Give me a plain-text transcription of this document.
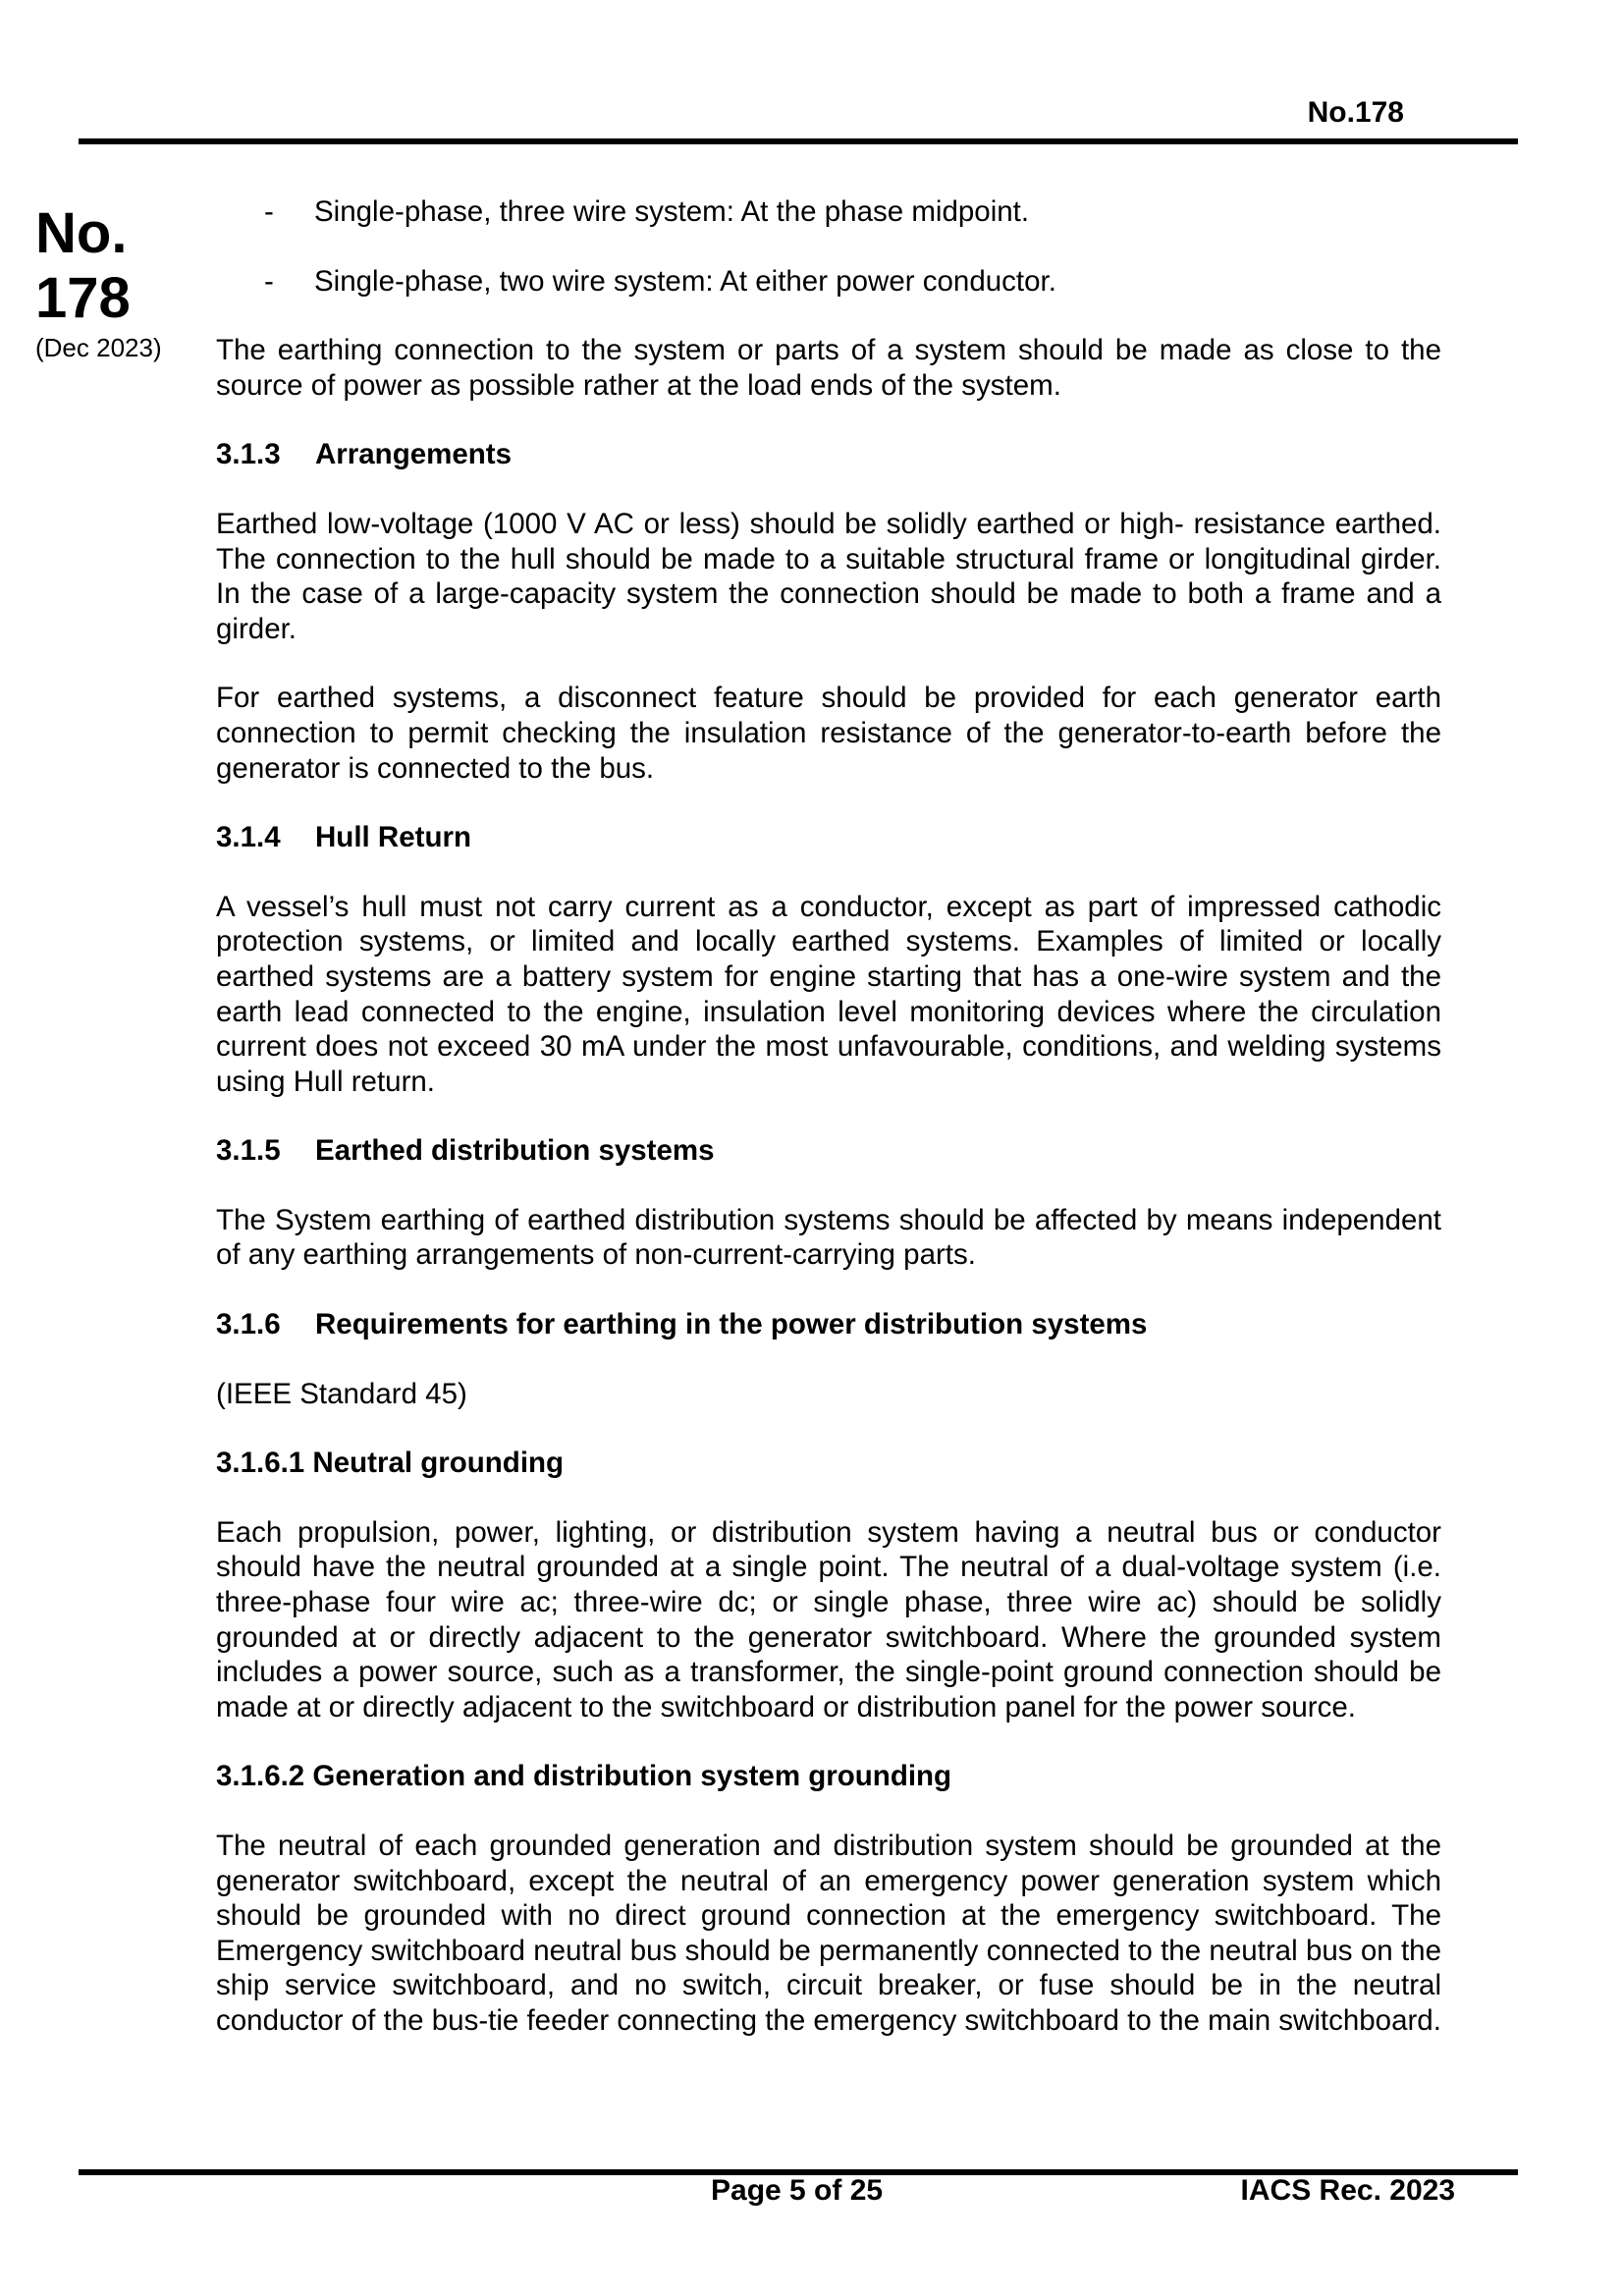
No.178
No.
178
(Dec 2023)
- Single-phase, three wire system: At the phase midpoint.
- Single-phase, two wire system: At either power conductor.

The earthing connection to the system or parts of a system should be made as close to the source of power as possible rather at the load ends of the system.

3.1.3 Arrangements

Earthed low-voltage (1000 V AC or less) should be solidly earthed or high- resistance earthed. The connection to the hull should be made to a suitable structural frame or longitudinal girder. In the case of a large-capacity system the connection should be made to both a frame and a girder.

For earthed systems, a disconnect feature should be provided for each generator earth connection to permit checking the insulation resistance of the generator-to-earth before the generator is connected to the bus.

3.1.4 Hull Return

A vessel’s hull must not carry current as a conductor, except as part of impressed cathodic protection systems, or limited and locally earthed systems. Examples of limited or locally earthed systems are a battery system for engine starting that has a one-wire system and the earth lead connected to the engine, insulation level monitoring devices where the circulation current does not exceed 30 mA under the most unfavourable, conditions, and welding systems using Hull return.

3.1.5 Earthed distribution systems

The System earthing of earthed distribution systems should be affected by means independent of any earthing arrangements of non-current-carrying parts.

3.1.6 Requirements for earthing in the power distribution systems

(IEEE Standard 45)

3.1.6.1 Neutral grounding

Each propulsion, power, lighting, or distribution system having a neutral bus or conductor should have the neutral grounded at a single point. The neutral of a dual-voltage system (i.e. three-phase four wire ac; three-wire dc; or single phase, three wire ac) should be solidly grounded at or directly adjacent to the generator switchboard. Where the grounded system includes a power source, such as a transformer, the single-point ground connection should be made at or directly adjacent to the switchboard or distribution panel for the power source.

3.1.6.2 Generation and distribution system grounding

The neutral of each grounded generation and distribution system should be grounded at the generator switchboard, except the neutral of an emergency power generation system which should be grounded with no direct ground connection at the emergency switchboard. The Emergency switchboard neutral bus should be permanently connected to the neutral bus on the ship service switchboard, and no switch, circuit breaker, or fuse should be in the neutral conductor of the bus-tie feeder connecting the emergency switchboard to the main switchboard.

Page 5 of 25	IACS Rec. 2023
